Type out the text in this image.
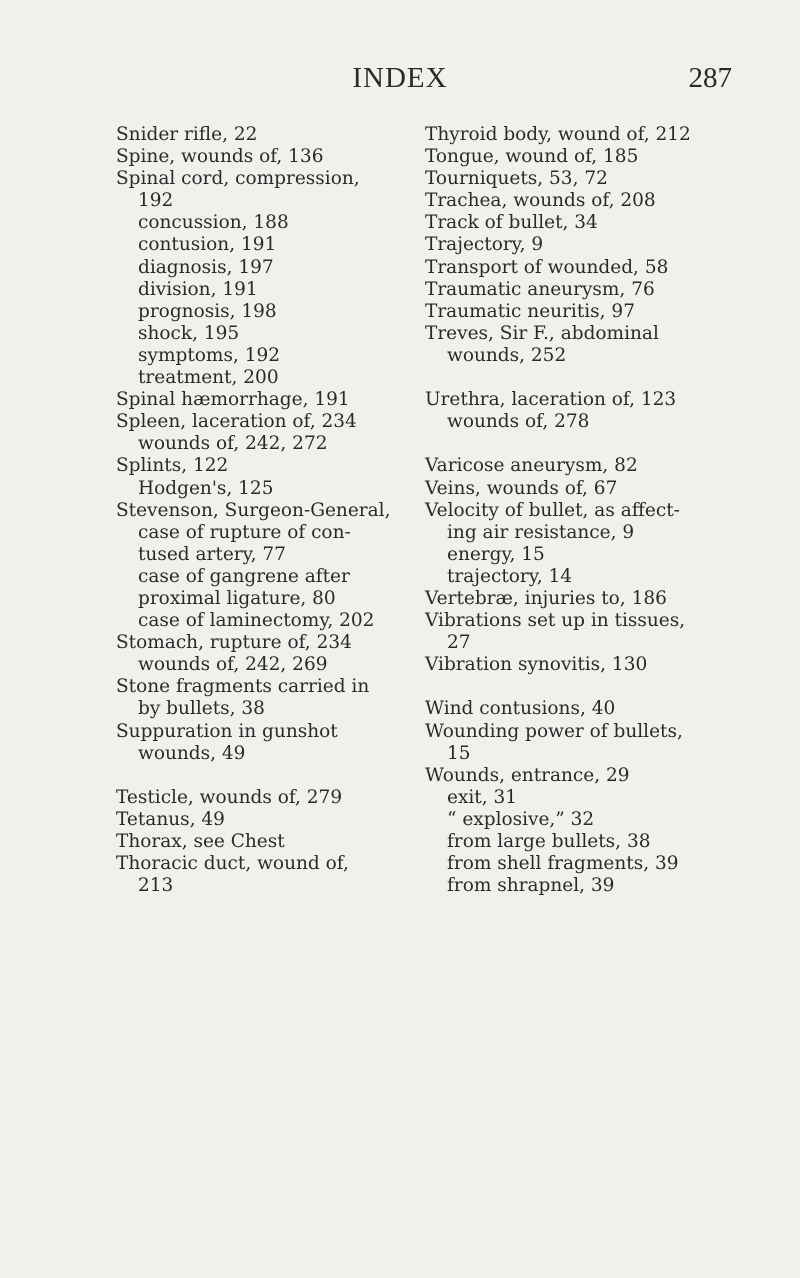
INDEX	287
Snider rifle, 22
Spine, wounds of, 136
Spinal cord, compression,
192
concussion, 188
contusion, 191
diagnosis, 197
division, 191
prognosis, 198
shock, 195
symptoms, 192
treatment, 200
Spinal hæmorrhage, 191
Spleen, laceration of, 234
wounds of, 242, 272
Splints, 122
Hodgen's, 125
Stevenson, Surgeon-General,
case of rupture of con-
tused artery, 77
case of gangrene after
proximal ligature, 80
case of laminectomy, 202
Stomach, rupture of, 234
wounds of, 242, 269
Stone fragments carried in
by bullets, 38
Suppuration in gunshot
wounds, 49
Testicle, wounds of, 279
Tetanus, 49
Thorax, see Chest
Thoracic duct, wound of,
213
Thyroid body, wound of, 212
Tongue, wound of, 185
Tourniquets, 53, 72
Trachea, wounds of, 208
Track of bullet, 34
Trajectory, 9
Transport of wounded, 58
Traumatic aneurysm, 76
Traumatic neuritis, 97
Treves, Sir F., abdominal
wounds, 252
Urethra, laceration of, 123
wounds of, 278
Varicose aneurysm, 82
Veins, wounds of, 67
Velocity of bullet, as affect-
ing air resistance, 9
energy, 15
trajectory, 14
Vertebræ, injuries to, 186
Vibrations set up in tissues,
27
Vibration synovitis, 130
Wind contusions, 40
Wounding power of bullets,
15
Wounds, entrance, 29
exit, 31
“ explosive,” 32
from large bullets, 38
from shell fragments, 39
from shrapnel, 39
